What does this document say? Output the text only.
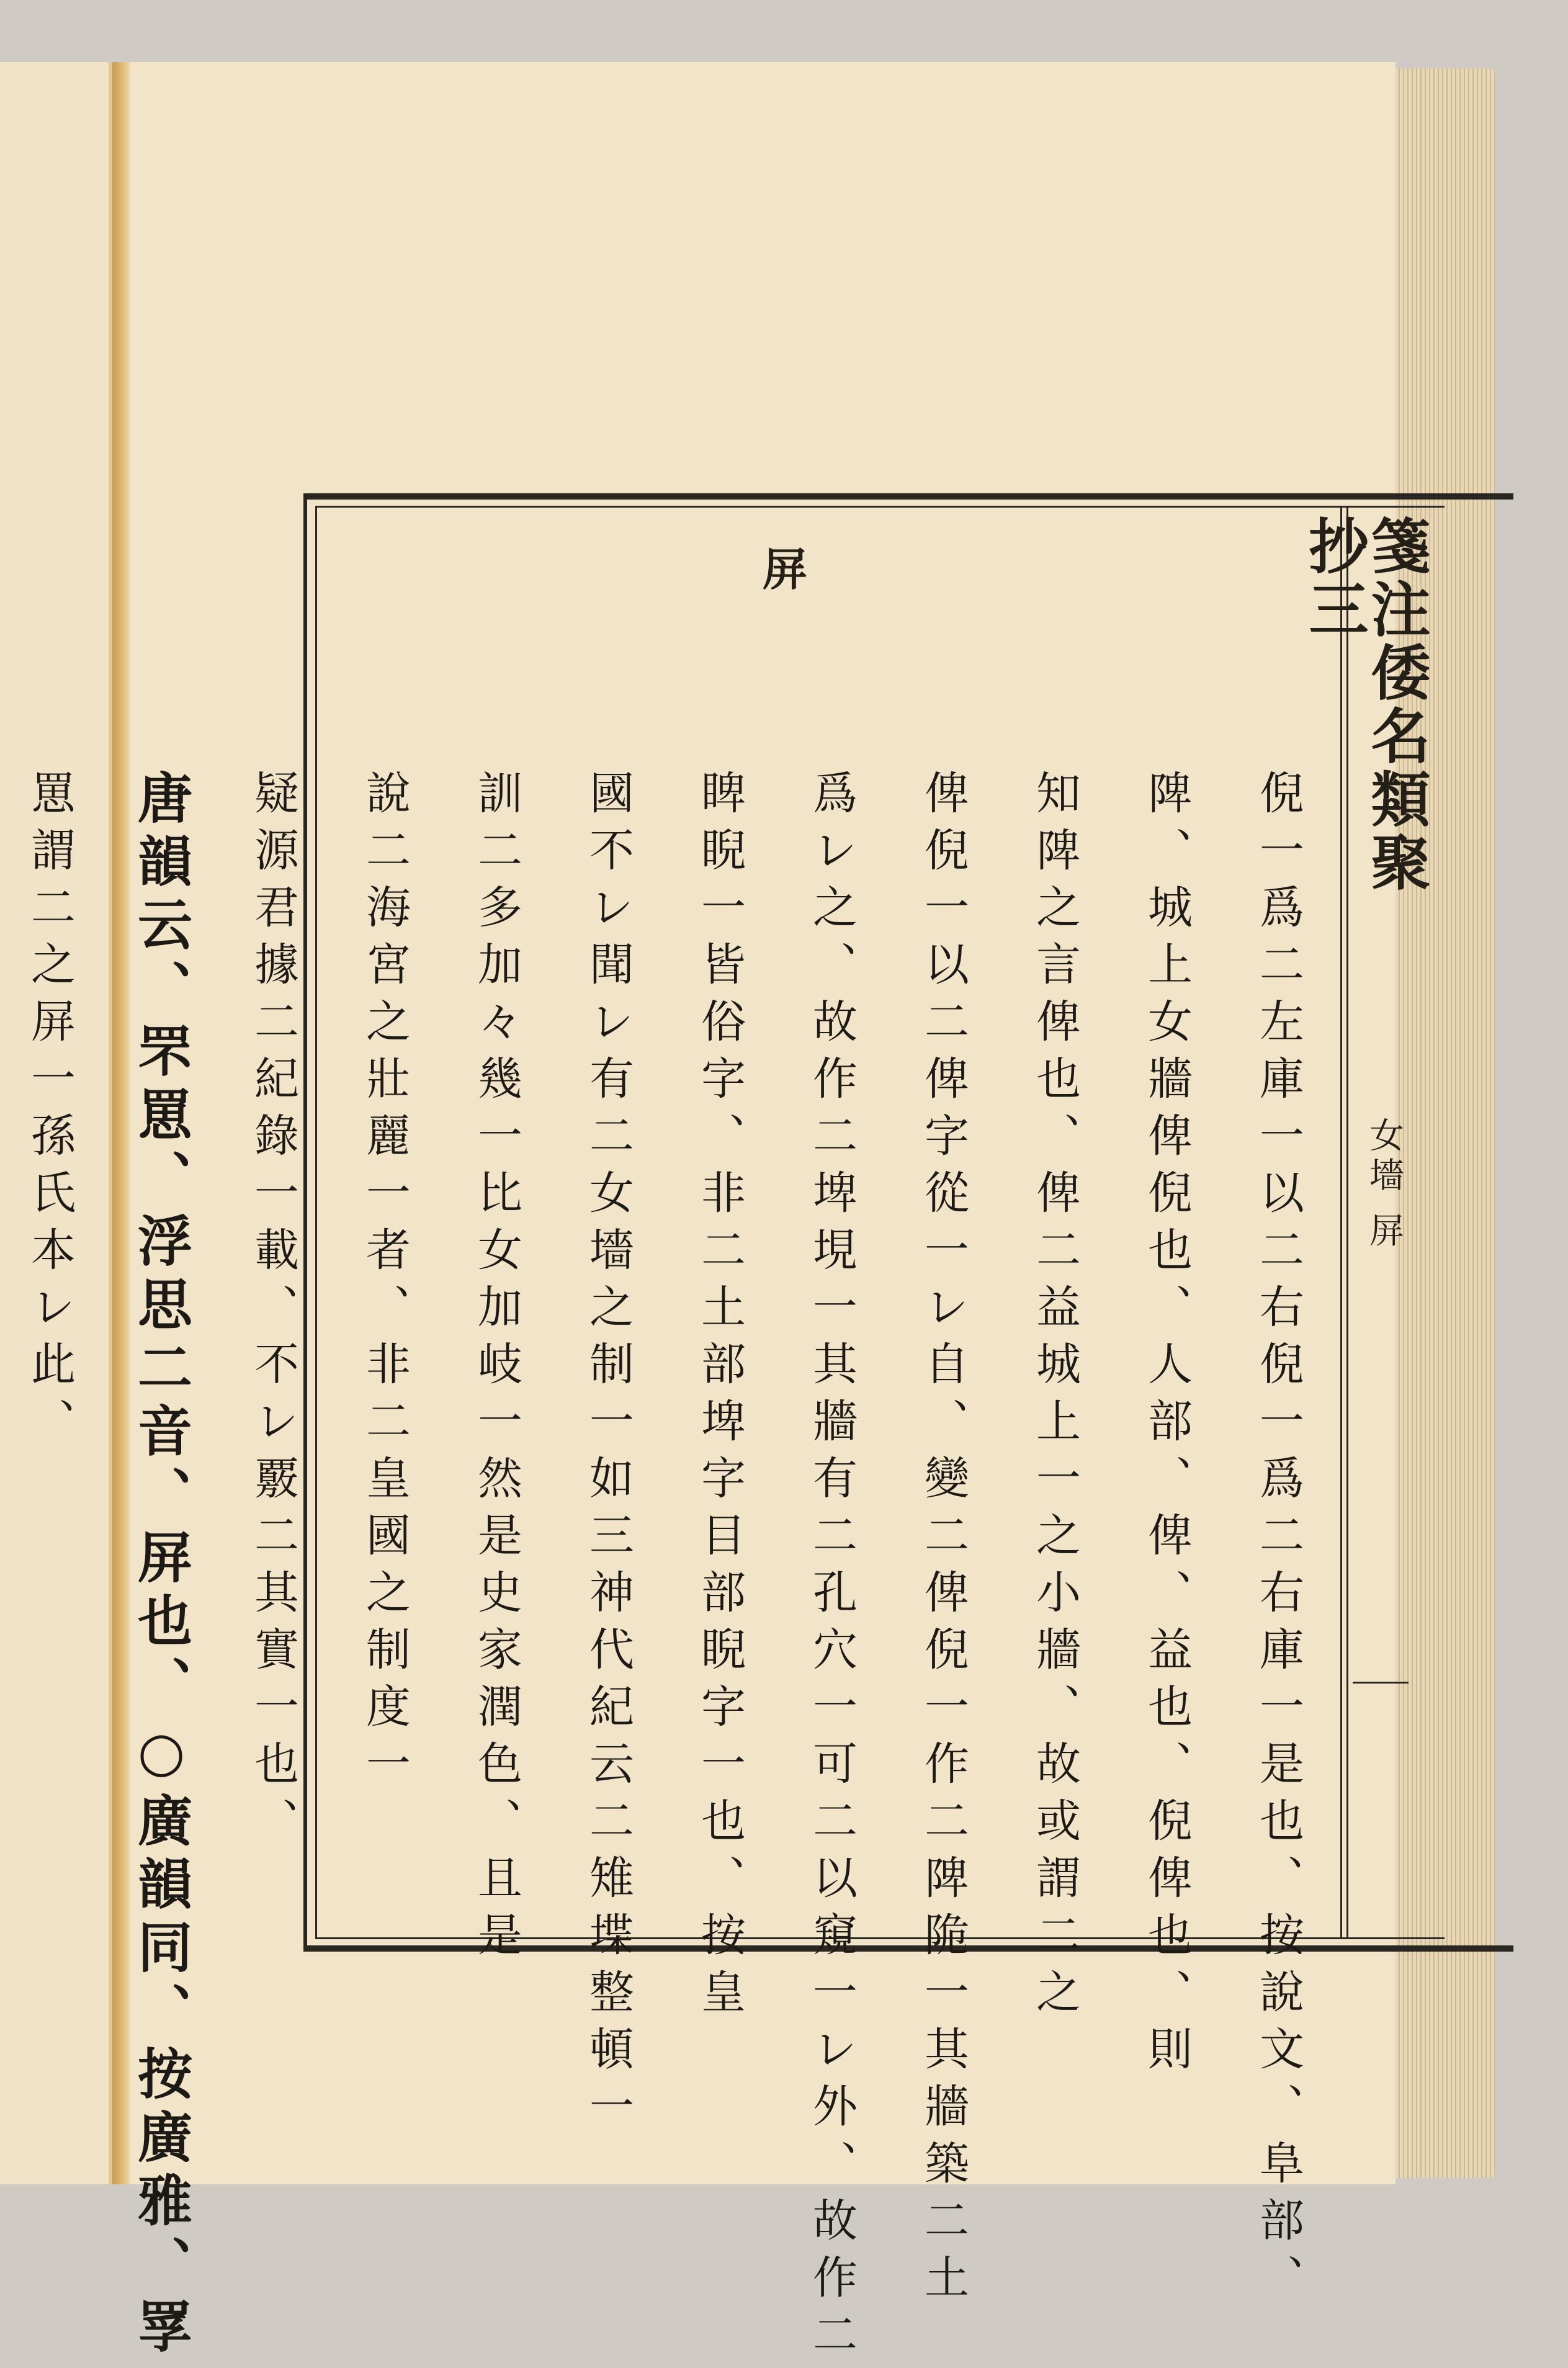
箋注倭名類聚抄三
女墻 屏
屏
倪一爲二左庫一以二右倪一爲二右庫一是也、按說文、阜部、
陴、城上女牆俾倪也、人部、俾、益也、倪俾也、則
知陴之言俾也、俾二益城上一之小牆、故或謂二之
俾倪一以二俾字從一レ自、變二俾倪一作二陴陒一其牆築二土
爲レ之、故作二埤垷一其牆有二孔穴一可二以窺一レ外、故作二
睥睨一皆俗字、非二土部埤字目部睨字一也、按皇
國不レ聞レ有二女墻之制一如三神代紀云二雉堞整頓一
訓二多加々幾一比女加岐一然是史家潤色、且是
說二海宮之壯麗一者、非二皇國之制度一
疑源君據二紀錄一載、不レ覈二其實一也、
唐韻云、罘罳、浮思二音、屏也、○廣韻同、按廣雅、罦
罳謂二之屏一孫氏本レ此、
